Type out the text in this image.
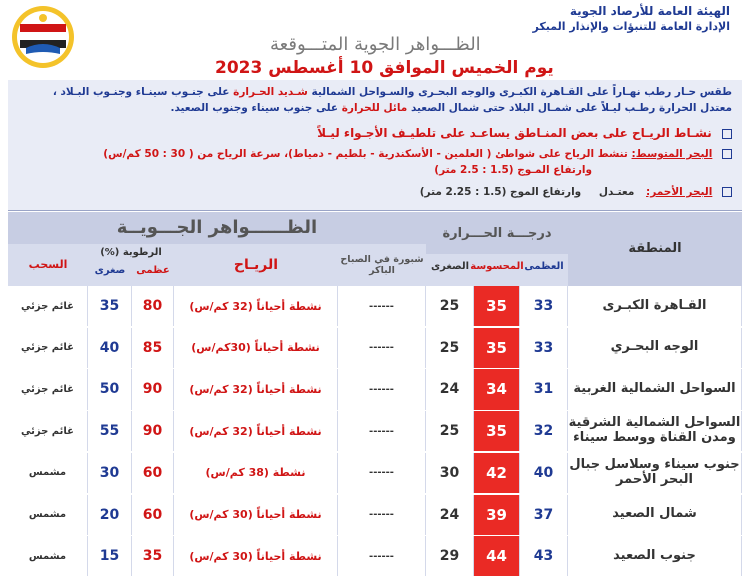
الهيئة العامة للأرصاد الجوية
الإدارة العامة للتنبؤات والإنذار المبكر
الظـــواهر الجوية المتـــوقعة
يوم الخميس الموافق 10 أغسطس 2023
طقس حـار رطب نهـاراً على القـاهرة الكبـرى والوجه البحـرى والسـواحل الشمالية شـديد الحـرارة على جنـوب سينـاء وجنـوب البـلاد ،
معتدل الحرارة رطـب ليـلاً على شمـال البلاد حتى شمال الصعيد مائل للحرارة على جنوب سيناء وجنوب الصعيد.
نشـاط الريـاح على بعض المنـاطق يساعـد على تلطيـف الأجـواء ليـلاً
البحر المتوسط: تنشط الرياح على شواطئ ( العلمين - الأسكندرية - بلطيم - دمياط)، سرعة الرياح من ( 30 : 50 كم/س)
وارتفاع المـوج (1.5 : 2.5 متر)
البحر الأحمر: معتـدل وارتفاع الموج (1.5 : 2.25 متر)
المنطقة
درجـــة الحـــرارة
العظمى
المحسوسة
الصغرى
الظــــــواهر الجـــويــة
شبورة في الصباح الباكر
الريـاح
الرطوبة (%)
عظمى
صغرى
السحب
القـاهرة الكبـرى
33
35
25
------
نشطة أحياناً (32 كم/س)
80
35
غائم جزئي
الوجه البحـري
33
35
25
------
نشطة أحياناً (30كم/س)
85
40
غائم جزئي
السواحل الشمالية الغربية
31
34
24
------
نشطة أحياناً (32 كم/س)
90
50
غائم جزئي
السواحل الشمالية الشرقية ومدن القناة ووسط سيناء
32
35
25
------
نشطة أحياناً (32 كم/س)
90
55
غائم جزئي
جنوب سيناء وسلاسل جبال البحر الأحمر
40
42
30
------
نشطة (38 كم/س)
60
30
مشمس
شمال الصعيد
37
39
24
------
نشطة أحياناً (30 كم/س)
60
20
مشمس
جنوب الصعيد
43
44
29
------
نشطة أحياناً (30 كم/س)
35
15
مشمس
